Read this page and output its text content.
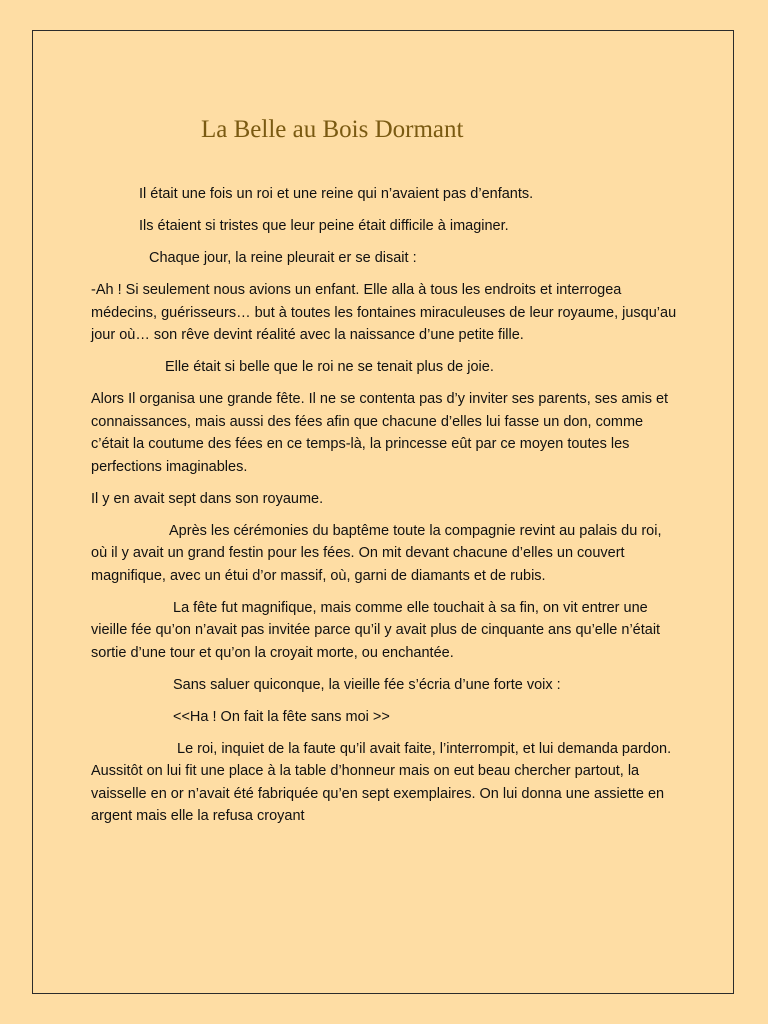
La Belle au Bois Dormant

Il était une fois un roi et une reine qui n’avaient pas d’enfants.

Ils étaient si tristes que leur peine était difficile à imaginer.

Chaque jour, la reine pleurait er se disait :

-Ah ! Si seulement nous avions un enfant. Elle alla à tous les endroits et interrogea médecins, guérisseurs… but à toutes les fontaines miraculeuses de leur royaume, jusqu’au jour où… son rêve devint réalité avec la naissance d’une petite fille.

Elle était si belle que le roi ne se tenait plus de joie.

Alors Il organisa une grande fête. Il ne se contenta pas d’y inviter ses parents, ses amis et connaissances, mais aussi des fées afin que chacune d’elles lui fasse un don, comme c’était la coutume des fées en ce temps-là, la princesse eût par ce moyen toutes les perfections imaginables.

Il y en avait sept dans son royaume.

Après les cérémonies du baptême toute la compagnie revint au palais du roi, où il y avait un grand festin pour les fées. On mit devant chacune d’elles un couvert magnifique, avec un étui d’or massif, où, garni de diamants et de rubis.

La fête fut magnifique, mais comme elle touchait à sa fin, on vit entrer une vieille fée qu’on n’avait pas invitée parce qu’il y avait plus de cinquante ans qu’elle n’était sortie d’une tour et qu’on la croyait morte, ou enchantée.

Sans saluer quiconque, la vieille fée s’écria d’une forte voix :

<<Ha ! On fait la fête sans moi >>

Le roi, inquiet de la faute qu’il avait faite, l’interrompit, et lui demanda pardon. Aussitôt on lui fit une place à la table d’honneur mais on eut beau chercher partout, la vaisselle en or n’avait été fabriquée qu’en sept exemplaires. On lui donna une assiette en argent mais elle la refusa croyant
